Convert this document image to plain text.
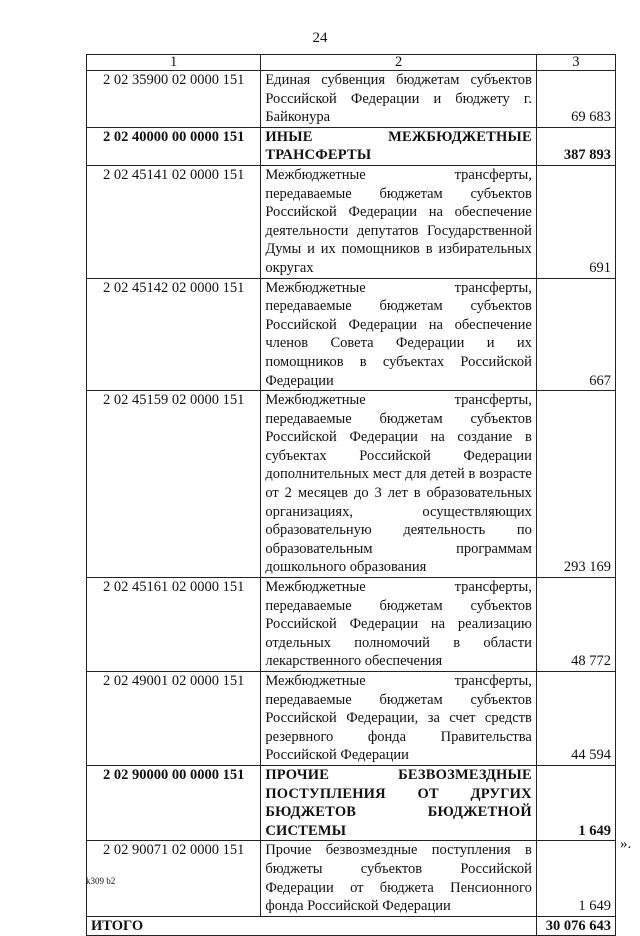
24
1	2	3
2 02 35900 02 0000 151	Единая субвенция бюджетам субъектов Российской Федерации и бюджету г. Байконура	69 683
2 02 40000 00 0000 151	ИНЫЕ МЕЖБЮДЖЕТНЫЕ ТРАНСФЕРТЫ	387 893
2 02 45141 02 0000 151	Межбюджетные трансферты, передаваемые бюджетам субъектов Российской Федерации на обеспечение деятельности депутатов Государственной Думы и их помощников в избирательных округах	691
2 02 45142 02 0000 151	Межбюджетные трансферты, передаваемые бюджетам субъектов Российской Федерации на обеспечение членов Совета Федерации и их помощников в субъектах Российской Федерации	667
2 02 45159 02 0000 151	Межбюджетные трансферты, передаваемые бюджетам субъектов Российской Федерации на создание в субъектах Российской Федерации дополнительных мест для детей в возрасте от 2 месяцев до 3 лет в образовательных организациях, осуществляющих образовательную деятельность по образовательным программам дошкольного образования	293 169
2 02 45161 02 0000 151	Межбюджетные трансферты, передаваемые бюджетам субъектов Российской Федерации на реализацию отдельных полномочий в области лекарственного обеспечения	48 772
2 02 49001 02 0000 151	Межбюджетные трансферты, передаваемые бюджетам субъектов Российской Федерации, за счет средств резервного фонда Правительства Российской Федерации	44 594
2 02 90000 00 0000 151	ПРОЧИЕ БЕЗВОЗМЕЗДНЫЕ ПОСТУПЛЕНИЯ ОТ ДРУГИХ БЮДЖЕТОВ БЮДЖЕТНОЙ СИСТЕМЫ	1 649
2 02 90071 02 0000 151	Прочие безвозмездные поступления в бюджеты субъектов Российской Федерации от бюджета Пенсионного фонда Российской Федерации	1 649
ИТОГО		30 076 643
».
k309 b2
